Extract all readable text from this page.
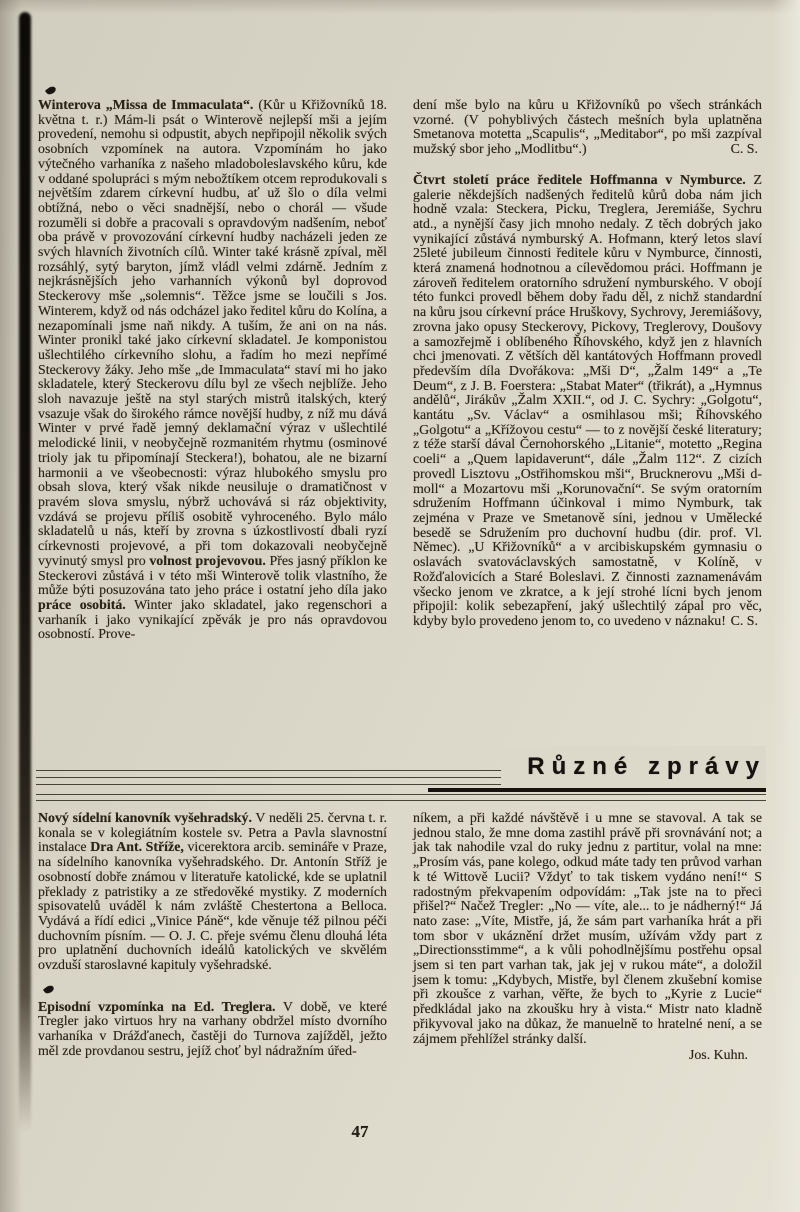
Winterova „Missa de Immaculata“. (Kůr u Křižovníků 18. května t. r.) Mám-li psát o Winterově nejlepší mši a jejím provedení, nemohu si odpustit, abych nepřipojil několik svých osobních vzpomínek na autora. Vzpomínám ho jako výtečného varhaníka z našeho mladoboleslavského kůru, kde v oddané spolupráci s mým nebožtíkem otcem reprodukovali s největším zdarem církevní hudbu, ať už šlo o díla velmi obtížná, nebo o věci snadnější, nebo o chorál — všude rozuměli si dobře a pracovali s opravdovým nadšením, neboť oba právě v provozování církevní hudby nacházeli jeden ze svých hlavních životních cílů. Winter také krásně zpíval, měl rozsáhlý, sytý baryton, jímž vládl velmi zdárně. Jedním z nejkrásnějších jeho varhanních výkonů byl doprovod Steckerovy mše „solemnis“. Těžce jsme se loučili s Jos. Winterem, když od nás odcházel jako ředitel kůru do Kolína, a nezapomínali jsme naň nikdy. A tuším, že ani on na nás. Winter pronikl také jako církevní skladatel. Je komponistou ušlechtilého církevního slohu, a řadím ho mezi nepřímé Steckerovy žáky. Jeho mše „de Immaculata“ staví mi ho jako skladatele, který Steckerovu dílu byl ze všech nejblíže. Jeho sloh navazuje ještě na styl starých mistrů italských, který vsazuje však do širokého rámce novější hudby, z níž mu dává Winter v prvé řadě jemný deklamační výraz v ušlechtilé melodické linii, v neobyčejně rozmanitém rhytmu (osminové trioly jak tu připomínají Steckera!), bohatou, ale ne bizarní harmonii a ve všeobecnosti: výraz hlubokého smyslu pro obsah slova, který však nikde neusiluje o dramatičnost v pravém slova smyslu, nýbrž uchovává si ráz objektivity, vzdává se projevu příliš osobitě vyhroceného. Bylo málo skladatelů u nás, kteří by zrovna s úzkostlivostí dbali ryzí církevnosti projevové, a při tom dokazovali neobyčejně vyvinutý smysl pro volnost projevovou. Přes jasný příklon ke Steckerovi zůstává i v této mši Winterově tolik vlastního, že může býti posuzována tato jeho práce i ostatní jeho díla jako práce osobitá. Winter jako skladatel, jako regenschori a varhaník i jako vynikající zpěvák je pro nás opravdovou osobností. Prove-

dení mše bylo na kůru u Křižovníků po všech stránkách vzorné. (V pohyblivých částech mešních byla uplatněna Smetanova motetta „Scapulis“, „Meditabor“, po mši zazpíval mužský sbor jeho „Modlitbu“.)	C. S.

Čtvrt století práce ředitele Hoffmanna v Nymburce. Z galerie někdejších nadšených ředitelů kůrů doba nám jich hodně vzala: Steckera, Picku, Treglera, Jeremiáše, Sychru atd., a nynější časy jich mnoho nedaly. Z těch dobrých jako vynikající zůstává nymburský A. Hofmann, který letos slaví 25leté jubileum činnosti ředitele kůru v Nymburce, činnosti, která znamená hodnotnou a cílevědomou práci. Hoffmann je zároveň ředitelem oratorního sdružení nymburského. V obojí této funkci provedl během doby řadu děl, z nichž standardní na kůru jsou církevní práce Hruškovy, Sychrovy, Jeremiášovy, zrovna jako opusy Steckerovy, Pickovy, Treglerovy, Doušovy a samozřejmě i oblíbeného Říhovského, když jen z hlavních chci jmenovati. Z větších děl kantátových Hoffmann provedl především díla Dvořákova: „Mši D“, „Žalm 149“ a „Te Deum“, z J. B. Foerstera: „Stabat Mater“ (třikrát), a „Hymnus andělů“, Jirákův „Žalm XXII.“, od J. C. Sychry: „Golgotu“, kantátu „Sv. Václav“ a osmihlasou mši; Říhovského „Golgotu“ a „Křížovou cestu“ — to z novější české literatury; z téže starší dával Černohorského „Litanie“, motetto „Regina coeli“ a „Quem lapidaverunt“, dále „Žalm 112“. Z cizích provedl Lisztovu „Ostřihomskou mši“, Brucknerovu „Mši d-moll“ a Mozartovu mši „Korunovační“. Se svým oratorním sdružením Hoffmann účinkoval i mimo Nymburk, tak zejména v Praze ve Smetanově síni, jednou v Umělecké besedě se Sdružením pro duchovní hudbu (dir. prof. Vl. Němec). „U Křižovníků“ a v arcibiskupském gymnasiu o oslavách svatováclavských samostatně, v Kolíně, v Rožďalovicích a Staré Boleslavi. Z činnosti zaznamenávám všecko jenom ve zkratce, a k její strohé lícni bych jenom připojil: kolik sebezapření, jaký ušlechtilý zápal pro věc, kdyby bylo provedeno jenom to, co uvedeno v náznaku! C. S.
Různé zprávy

Nový sídelní kanovník vyšehradský. V neděli 25. června t. r. konala se v kolegiátním kostele sv. Petra a Pavla slavnostní instalace Dra Ant. Stříže, vicerektora arcib. semináře v Praze, na sídelního kanovníka vyšehradského. Dr. Antonín Stříž je osobností dobře známou v literatuře katolické, kde se uplatnil překlady z patristiky a ze středověké mystiky. Z moderních spisovatelů uváděl k nám zvláště Chestertona a Belloca. Vydává a řídí edici „Vinice Páně“, kde věnuje též pilnou péči duchovním písním. — O. J. C. přeje svému členu dlouhá léta pro uplatnění duchovních ideálů katolických ve skvělém ovzduší staroslavné kapituly vyšehradské.

Episodní vzpomínka na Ed. Treglera. V době, ve které Tregler jako virtuos hry na varhany obdržel místo dvorního varhaníka v Drážďanech, častěji do Turnova zajížděl, ježto měl zde provdanou sestru, jejíž choť byl nádražním úřed-

níkem, a při každé návštěvě i u mne se stavoval. A tak se jednou stalo, že mne doma zastihl právě při srovnávání not; a jak tak nahodile vzal do ruky jednu z partitur, volal na mne: „Prosím vás, pane kolego, odkud máte tady ten průvod varhan k té Wittově Lucii? Vždyť to tak tiskem vydáno není!“ S radostným překvapením odpovídám: „Tak jste na to přeci přišel?“ Načež Tregler: „No — víte, ale... to je nádherný!“ Já nato zase: „Víte, Mistře, já, že sám part varhaníka hrát a při tom sbor v ukáznění držet musím, užívám vždy part z „Directionsstimme“, a k vůli pohodlnějšímu postřehu opsal jsem si ten part varhan tak, jak jej v rukou máte“, a doložil jsem k tomu: „Kdybych, Mistře, byl členem zkušební komise při zkoušce z varhan, věřte, že bych to „Kyrie z Lucie“ předkládal jako na zkoušku hry à vista.“ Mistr nato kladně přikyvoval jako na důkaz, že manuelně to hratelné není, a se zájmem přehlížel stránky další.

Jos. Kuhn.
47
